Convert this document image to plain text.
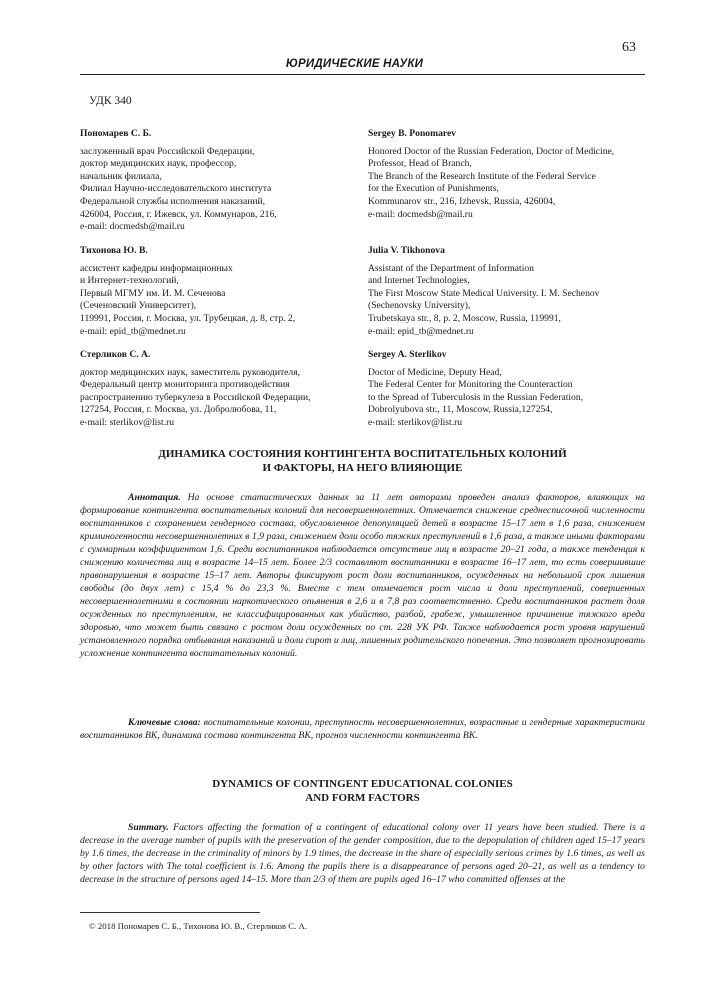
63
ЮРИДИЧЕСКИЕ НАУКИ
УДК 340
Пономарев С. Б.
заслуженный врач Российской Федерации,
доктор медицинских наук, профессор,
начальник филиала,
Филиал Научно-исследовательского института
Федеральной службы исполнения наказаний,
426004, Россия, г. Ижевск, ул. Коммунаров, 216,
e-mail: docmedsb@mail.ru
Sergey B. Ponomarev
Honored Doctor of the Russian Federation, Doctor of Medicine,
Professor, Head of Branch,
The Branch of the Research Institute of the Federal Service
for the Execution of Punishments,
Kommunarov str., 216, Izhevsk, Russia, 426004,
e-mail: docmedsb@mail.ru
Тихонова Ю. В.
ассистент кафедры информационных
и Интернет-технологий,
Первый МГМУ им. И. М. Сеченова
(Сеченовский Университет),
119991, Россия, г. Москва, ул. Трубецкая, д. 8, стр. 2,
e-mail: epid_tb@mednet.ru
Julia V. Tikhonova
Assistant of the Department of Information
and Internet Technologies,
The First Moscow State Medical University. I. M. Sechenov
(Sechenovsky University),
Trubetskaya str., 8, p. 2, Moscow, Russia, 119991,
e-mail: epid_tb@mednet.ru
Стерликов С. А.
доктор медицинских наук, заместитель руководителя,
Федеральный центр мониторинга противодействия
распространению туберкулеза в Российской Федерации,
127254, Россия, г. Москва, ул. Добролюбова, 11,
e-mail: sterlikov@list.ru
Sergey A. Sterlikov
Doctor of Medicine, Deputy Head,
The Federal Center for Monitoring the Counteraction
to the Spread of Tuberculosis in the Russian Federation,
Dobrolyubova str., 11, Moscow, Russia,127254,
e-mail: sterlikov@list.ru
ДИНАМИКА СОСТОЯНИЯ КОНТИНГЕНТА ВОСПИТАТЕЛЬНЫХ КОЛОНИЙ
И ФАКТОРЫ, НА НЕГО ВЛИЯЮЩИЕ
Аннотация. На основе статистических данных за 11 лет авторами проведен анализ факторов, влияющих на формирование контингента воспитательных колоний для несовершеннолетних. Отмечается снижение среднесписочной численности воспитанников с сохранением гендерного состава, обусловленное депопуляцией детей в возрасте 15–17 лет в 1,6 раза, снижением криминогенности несовершеннолетних в 1,9 раза, снижением доли особо тяжких преступлений в 1,6 раза, а также иными факторами с суммарным коэффициентом 1,6. Среди воспитанников наблюдается отсутствие лиц в возрасте 20–21 года, а также тенденция к снижению количества лиц в возрасте 14–15 лет. Более 2/3 составляют воспитанники в возрасте 16–17 лет, то есть совершившие правонарушения в возрасте 15–17 лет. Авторы фиксируют рост доли воспитанников, осужденных на небольшой срок лишения свободы (до двух лет) с 15,4 % до 23,3 %. Вместе с тем отмечается рост числа и доли преступлений, совершенных несовершеннолетними в состоянии наркотического опьянения в 2,6 и в 7,8 раз соответственно. Среди воспитанников растет доля осужденных по преступлениям, не классифицированных как убийство, разбой, грабеж, умышленное причинение тяжкого вреда здоровью, что может быть связано с ростом доли осужденных по ст. 228 УК РФ. Также наблюдается рост уровня нарушений установленного порядка отбывания наказаний и доли сирот и лиц, лишенных родительского попечения. Это позволяет прогнозировать усложнение контингента воспитательных колоний.
Ключевые слова: воспитательные колонии, преступность несовершеннолетних, возрастные и гендерные характеристики воспитанников ВК, динамика состава контингента ВК, прогноз численности контингента ВК.
DYNAMICS OF CONTINGENT EDUCATIONAL COLONIES
AND FORM FACTORS
Summary. Factors affecting the formation of a contingent of educational colony over 11 years have been studied. There is a decrease in the average number of pupils with the preservation of the gender composition, due to the depopulation of children aged 15–17 years by 1.6 times, the decrease in the criminality of minors by 1.9 times, the decrease in the share of especially serious crimes by 1.6 times, as well as by other factors with The total coefficient is 1.6. Among the pupils there is a disappearance of persons aged 20–21, as well as a tendency to decrease in the structure of persons aged 14–15. More than 2/3 of them are pupils aged 16–17 who committed offenses at the
© 2018 Пономарев С. Б., Тихонова Ю. В., Стерликов С. А.
